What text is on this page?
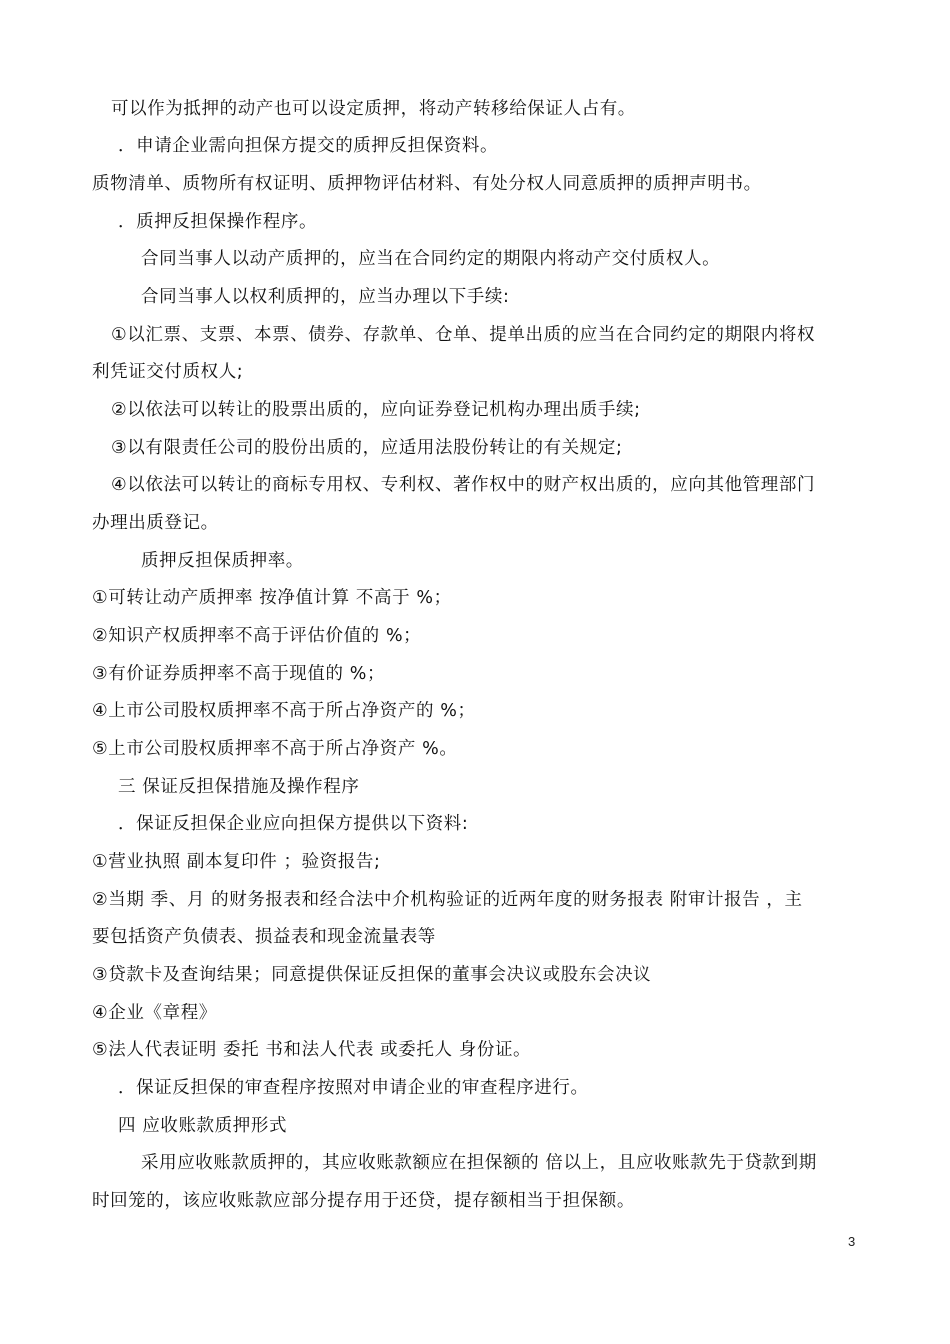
可以作为抵押的动产也可以设定质押，将动产转移给保证人占有。

．申请企业需向担保方提交的质押反担保资料。

质物清单、质物所有权证明、质押物评估材料、有处分权人同意质押的质押声明书。

．质押反担保操作程序。

合同当事人以动产质押的，应当在合同约定的期限内将动产交付质权人。

合同当事人以权利质押的，应当办理以下手续:

①以汇票、支票、本票、债券、存款单、仓单、提单出质的应当在合同约定的期限内将权

利凭证交付质权人;

②以依法可以转让的股票出质的，应向证券登记机构办理出质手续;

③以有限责任公司的股份出质的，应适用法股份转让的有关规定;

④以依法可以转让的商标专用权、专利权、著作权中的财产权出质的，应向其他管理部门

办理出质登记。

质押反担保质押率。

①可转让动产质押率 按净值计算 不高于 %；

②知识产权质押率不高于评估价值的 %；

③有价证券质押率不高于现值的 %；

④上市公司股权质押率不高于所占净资产的 %；

⑤上市公司股权质押率不高于所占净资产 %。

三 保证反担保措施及操作程序

．保证反担保企业应向担保方提供以下资料:

①营业执照 副本复印件 ；验资报告;

②当期 季、月 的财务报表和经合法中介机构验证的近两年度的财务报表 附审计报告 ，主

要包括资产负债表、损益表和现金流量表等

③贷款卡及查询结果；同意提供保证反担保的董事会决议或股东会决议

④企业《章程》

⑤法人代表证明 委托 书和法人代表 或委托人 身份证。

．保证反担保的审查程序按照对申请企业的审查程序进行。

四 应收账款质押形式

采用应收账款质押的，其应收账款额应在担保额的 倍以上，且应收账款先于贷款到期

时回笼的，该应收账款应部分提存用于还贷，提存额相当于担保额。

3
